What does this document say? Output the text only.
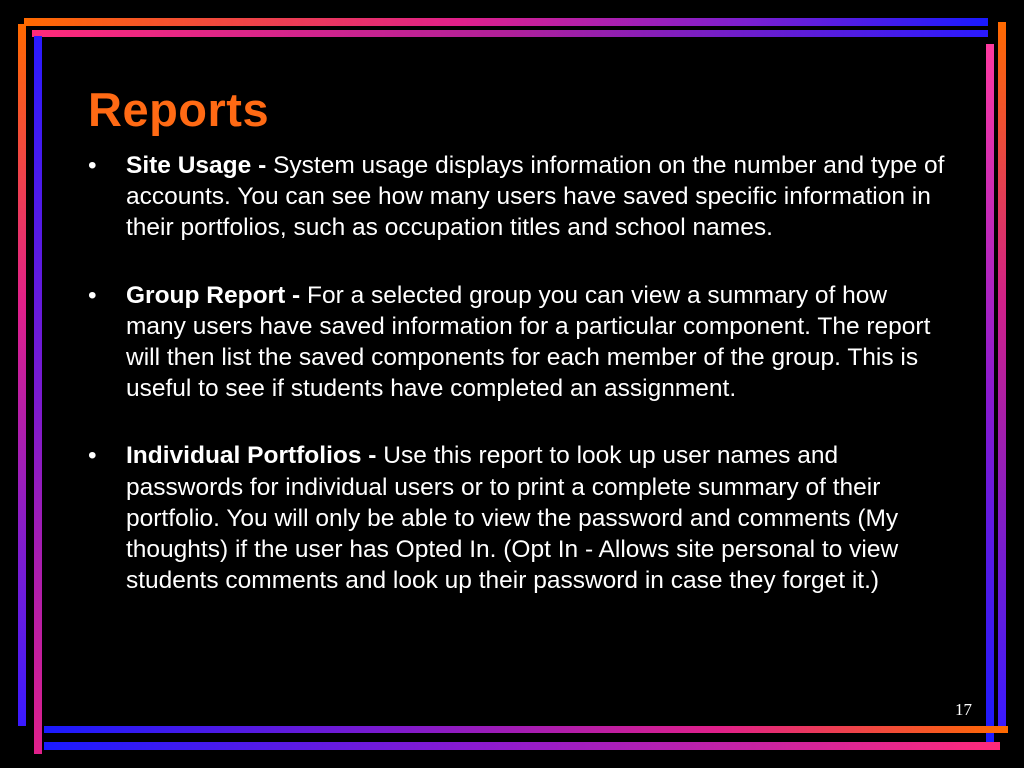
Reports
• Site Usage - System usage displays information on the number and type of accounts. You can see how many users have saved specific information in their portfolios, such as occupation titles and school names.
• Group Report - For a selected group you can view a summary of how many users have saved information for a particular component. The report will then list the saved components for each member of the group. This is useful to see if students have completed an assignment.
• Individual Portfolios - Use this report to look up user names and passwords for individual users or to print a complete summary of their portfolio. You will only be able to view the password and comments (My thoughts) if the user has Opted In. (Opt In - Allows site personal to view students comments and look up their password in case they forget it.)
17
